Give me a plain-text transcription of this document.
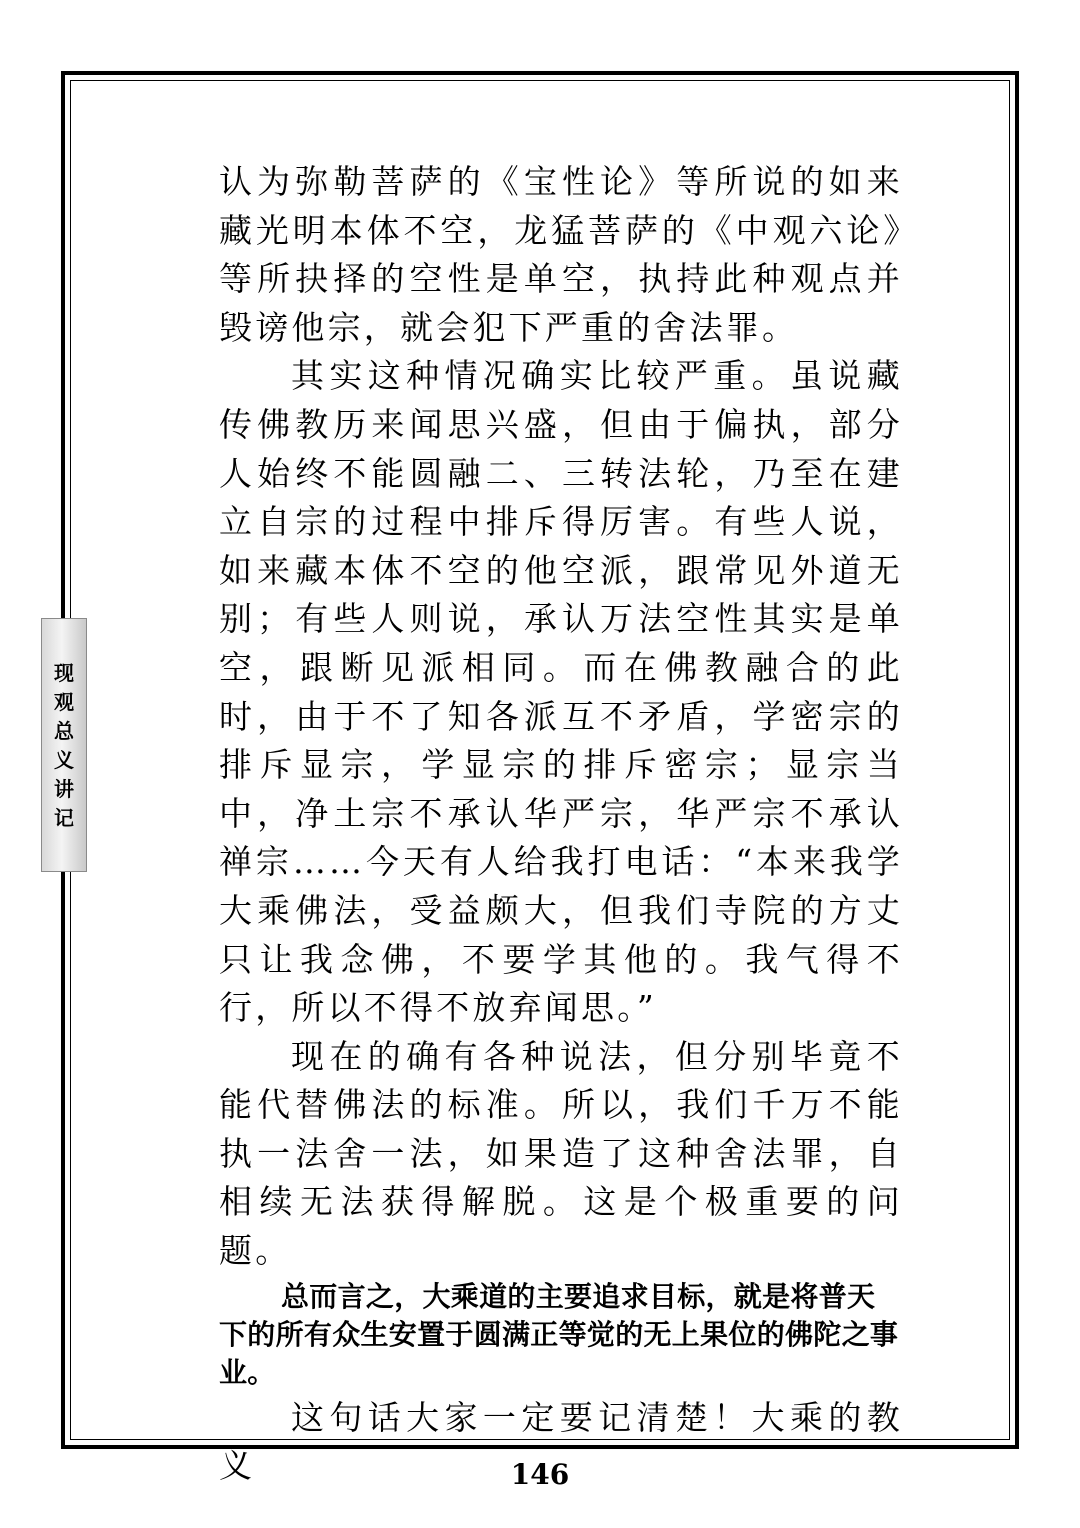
现
观
总
义
讲
记

认为弥勒菩萨的《宝性论》等所说的如来藏光明本体不空，龙猛菩萨的《中观六论》等所抉择的空性是单空，执持此种观点并毁谤他宗，就会犯下严重的舍法罪。

其实这种情况确实比较严重。虽说藏传佛教历来闻思兴盛，但由于偏执，部分人始终不能圆融二、三转法轮，乃至在建立自宗的过程中排斥得厉害。有些人说，如来藏本体不空的他空派，跟常见外道无别；有些人则说，承认万法空性其实是单空，跟断见派相同。而在佛教融合的此时，由于不了知各派互不矛盾，学密宗的排斥显宗，学显宗的排斥密宗；显宗当中，净土宗不承认华严宗，华严宗不承认禅宗……今天有人给我打电话：“本来我学大乘佛法，受益颇大，但我们寺院的方丈只让我念佛，不要学其他的。我气得不行，所以不得不放弃闻思。”

现在的确有各种说法，但分别毕竟不能代替佛法的标准。所以，我们千万不能执一法舍一法，如果造了这种舍法罪，自相续无法获得解脱。这是个极重要的问题。

总而言之，大乘道的主要追求目标，就是将普天下的所有众生安置于圆满正等觉的无上果位的佛陀之事业。

这句话大家一定要记清楚！大乘的教义	146
